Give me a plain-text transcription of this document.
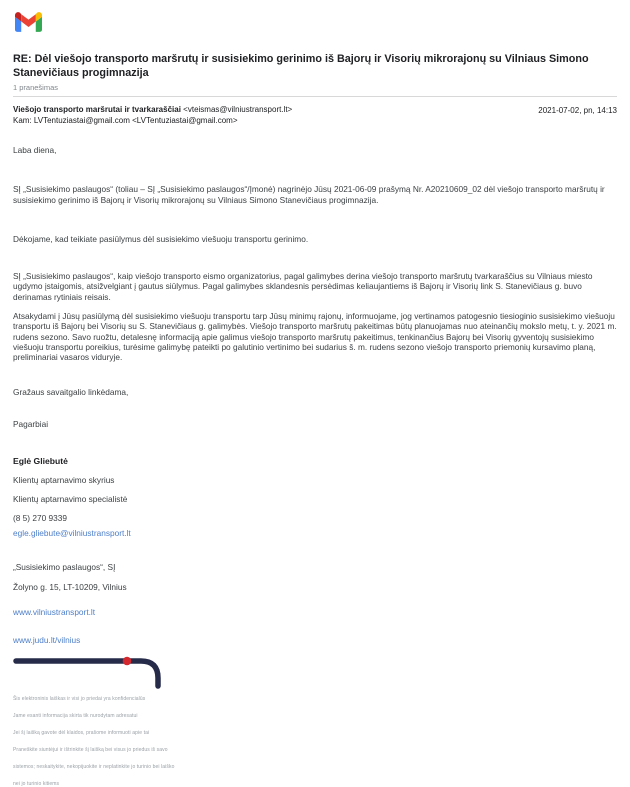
RE: Dėl viešojo transporto maršrutų ir susisiekimo gerinimo iš Bajorų ir Visorių mikrorajonų su Vilniaus Simono Stanevičiaus progimnazija
1 pranešimas
Viešojo transporto maršrutai ir tvarkaraščiai <vteismas@vilniustransport.lt>
Kam: LVTentuziastai@gmail.com <LVTentuziastai@gmail.com>
2021-07-02, pn, 14:13
Laba diena,
SĮ „Susisiekimo paslaugos“ (toliau – SĮ „Susisiekimo paslaugos“/Įmonė) nagrinėjo Jūsų 2021-06-09 prašymą Nr. A20210609_02 dėl viešojo transporto maršrutų ir susisiekimo gerinimo iš Bajorų ir Visorių mikrorajonų su Vilniaus Simono Stanevičiaus progimnazija.
Dėkojame, kad teikiate pasiūlymus dėl susisiekimo viešuoju transportu gerinimo.
SĮ „Susisiekimo paslaugos“, kaip viešojo transporto eismo organizatorius, pagal galimybes derina viešojo transporto maršrutų tvarkaraščius su Vilniaus miesto ugdymo įstaigomis, atsižvelgiant į gautus siūlymus. Pagal galimybes sklandesnis persėdimas keliaujantiems iš Bajorų ir Visorių link S. Stanevičiaus g. buvo derinamas rytiniais reisais.
Atsakydami į Jūsų pasiūlymą dėl susisiekimo viešuoju transportu tarp Jūsų minimų rajonų, informuojame, jog vertinamos patogesnio tiesioginio susisiekimo viešuoju transportu iš Bajorų bei Visorių su S. Stanevičiaus g. galimybės. Viešojo transporto maršrutų pakeitimas būtų planuojamas nuo ateinančių mokslo metų, t. y. 2021 m. rudens sezono. Savo ruožtu, detalesnę informaciją apie galimus viešojo transporto maršrutų pakeitimus, tenkinančius Bajorų bei Visorių gyventojų susisiekimo viešuoju transportu poreikius, turėsime galimybę pateikti po galutinio vertinimo bei sudarius š. m. rudens sezono viešojo transporto priemonių kursavimo planą, preliminariai vasaros viduryje.
Gražaus savaitgalio linkėdama,
Pagarbiai
Eglė Gliebutė
Klientų aptarnavimo skyrius
Klientų aptarnavimo specialistė
(8 5) 270 9339
egle.gliebute@vilniustransport.lt
„Susisiekimo paslaugos“, SĮ
Žolyno g. 15, LT-10209, Vilnius
www.vilniustransport.lt
www.judu.lt/vilnius
Šis elektroninis laiškas ir visi jo priedai yra konfidencialūs
Jame esanti informacija skirta tik nurodytam adresatui
Jei šį laišką gavote dėl klaidos, prašome informuoti apie tai
Praneškite siuntėjui ir ištrinkite šį laišką bei visus jo priedus iš savo
sistemos; neskaitykite, nekopijuokite ir neplatinkite jo turinio bei laiško
nei jo turinio kitiems
